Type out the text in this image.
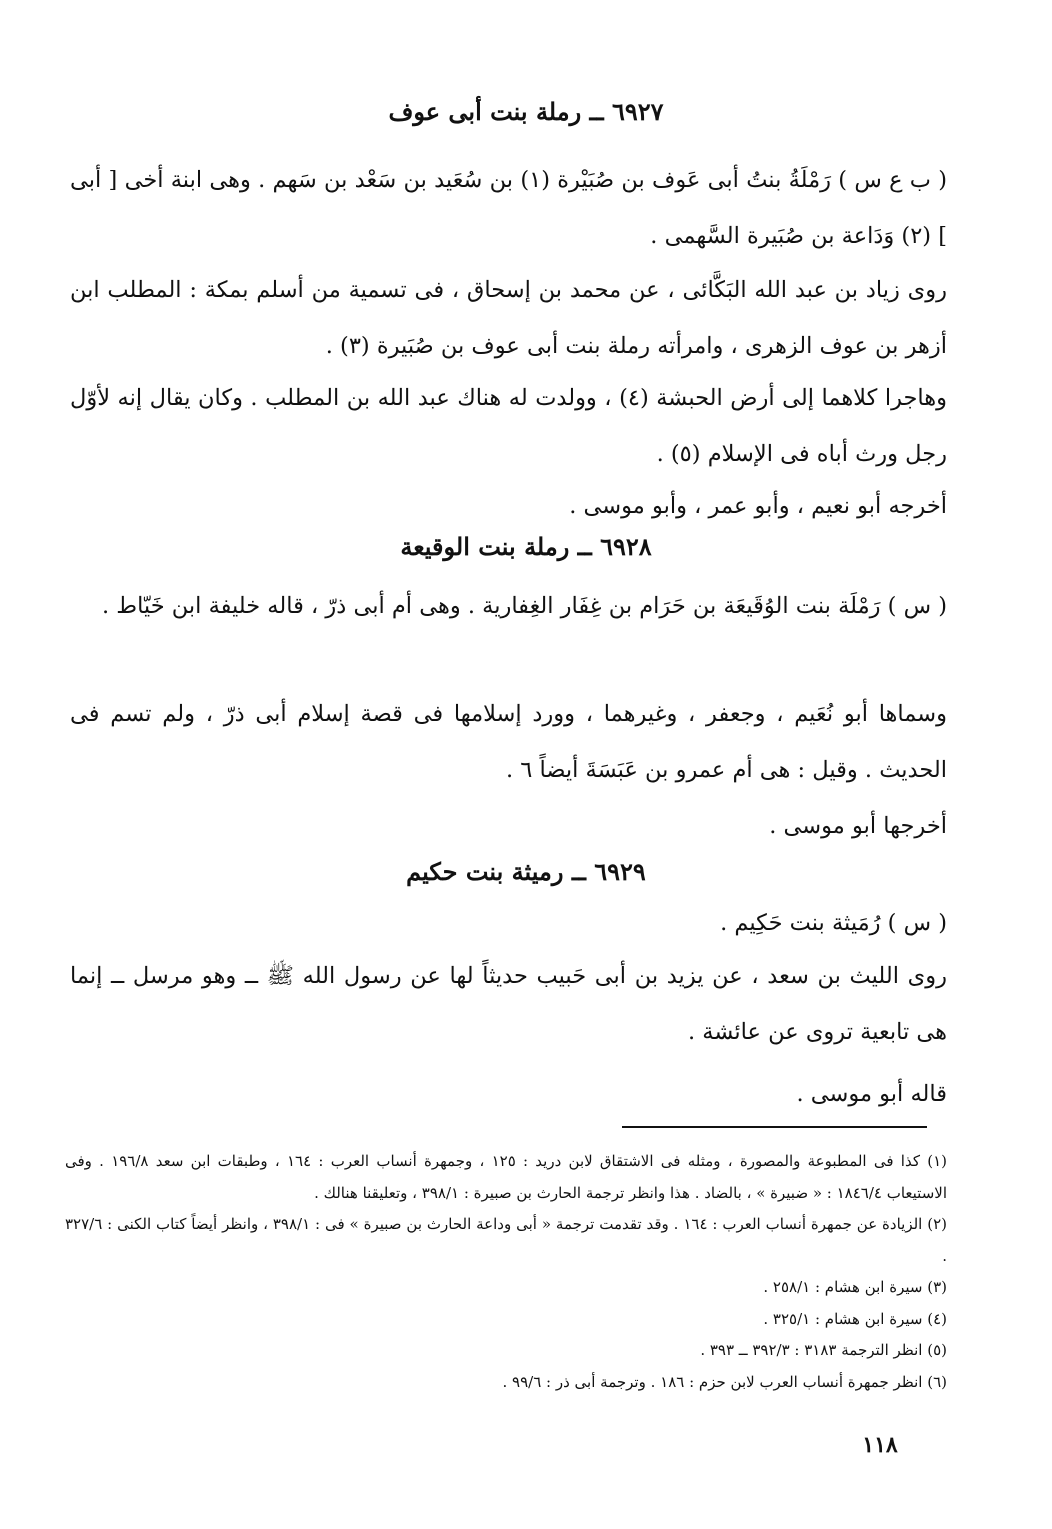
٦٩٢٧ ــ رملة بنت أبى عوف
( ب ع س ) رَمْلَةُ بنتُ أبى عَوف بن صُبَيْرة (١) بن سُعَيد بن سَعْد بن سَهم . وهى ابنة أخى [ أبى ] (٢) وَدَاعة بن صُبَيرة السَّهمى .
روى زياد بن عبد الله البَكَّائى ، عن محمد بن إسحاق ، فى تسمية من أسلم بمكة : المطلب ابن أزهر بن عوف الزهرى ، وامرأته رملة بنت أبى عوف بن صُبَيرة (٣) .
وهاجرا كلاهما إلى أرض الحبشة (٤) ، وولدت له هناك عبد الله بن المطلب . وكان يقال إنه لأوّل رجل ورث أباه فى الإسلام (٥) .
أخرجه أبو نعيم ، وأبو عمر ، وأبو موسى .
٦٩٢٨ ــ رملة بنت الوقيعة
( س ) رَمْلَة بنت الوُقَيعَة بن حَرَام بن غِفَار الغِفارية . وهى أم أبى ذرّ ، قاله خليفة ابن خَيّاط .
وسماها أبو نُعَيم ، وجعفر ، وغيرهما ، وورد إسلامها فى قصة إسلام أبى ذرّ ، ولم تسم فى الحديث . وقيل : هى أم عمرو بن عَبَسَةَ أيضاً ٦ .
أخرجها أبو موسى .
٦٩٢٩ ــ رميثة بنت حكيم
( س ) رُمَيثة بنت حَكِيم .
روى الليث بن سعد ، عن يزيد بن أبى حَبيب حديثاً لها عن رسول الله ﷺ ــ وهو مرسل ــ إنما هى تابعية تروى عن عائشة .
قاله أبو موسى .
(١) كذا فى المطبوعة والمصورة ، ومثله فى الاشتقاق لابن دريد : ١٢٥ ، وجمهرة أنساب العرب : ١٦٤ ، وطبقات ابن سعد ١٩٦/٨ . وفى الاستيعاب ١٨٤٦/٤ : « ضبيرة » ، بالضاد . هذا وانظر ترجمة الحارث بن صبيرة : ٣٩٨/١ ، وتعليقنا هنالك .
(٢) الزيادة عن جمهرة أنساب العرب : ١٦٤ . وقد تقدمت ترجمة « أبى وداعة الحارث بن صبيرة » فى : ٣٩٨/١ ، وانظر أيضاً كتاب الكنى : ٣٢٧/٦ .
(٣) سيرة ابن هشام : ٢٥٨/١ .
(٤) سيرة ابن هشام : ٣٢٥/١ .
(٥) انظر الترجمة ٣١٨٣ : ٣٩٢/٣ ــ ٣٩٣ .
(٦) انظر جمهرة أنساب العرب لابن حزم : ١٨٦ . وترجمة أبى ذر : ٩٩/٦ .
١١٨
